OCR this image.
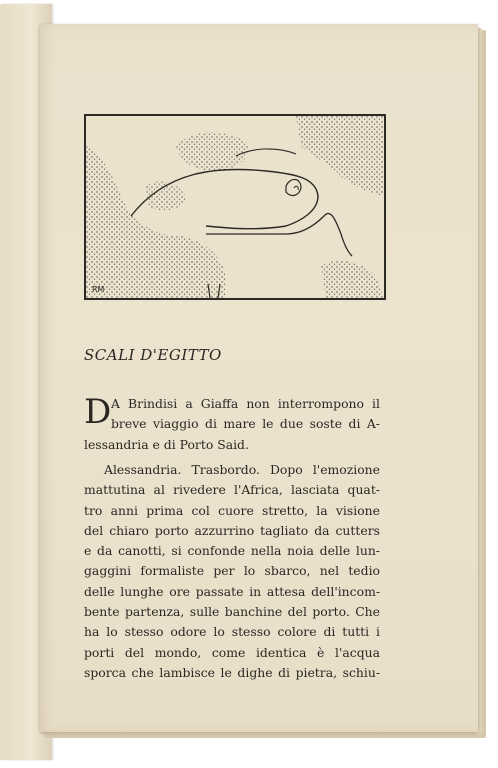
RM
SCALI D'EGITTO
D A Brindisi a Giaffa non interrompono il
breve viaggio di mare le due soste di A-
lessandria e di Porto Said.
Alessandria. Trasbordo. Dopo l'emozione
mattutina al rivedere l'Africa, lasciata quat-
tro anni prima col cuore stretto, la visione
del chiaro porto azzurrino tagliato da cutters
e da canotti, si confonde nella noia delle lun-
gaggini formaliste per lo sbarco, nel tedio
delle lunghe ore passate in attesa dell'incom-
bente partenza, sulle banchine del porto. Che
ha lo stesso odore lo stesso colore di tutti i
porti del mondo, come identica è l'acqua
sporca che lambisce le dighe di pietra, schiu-
